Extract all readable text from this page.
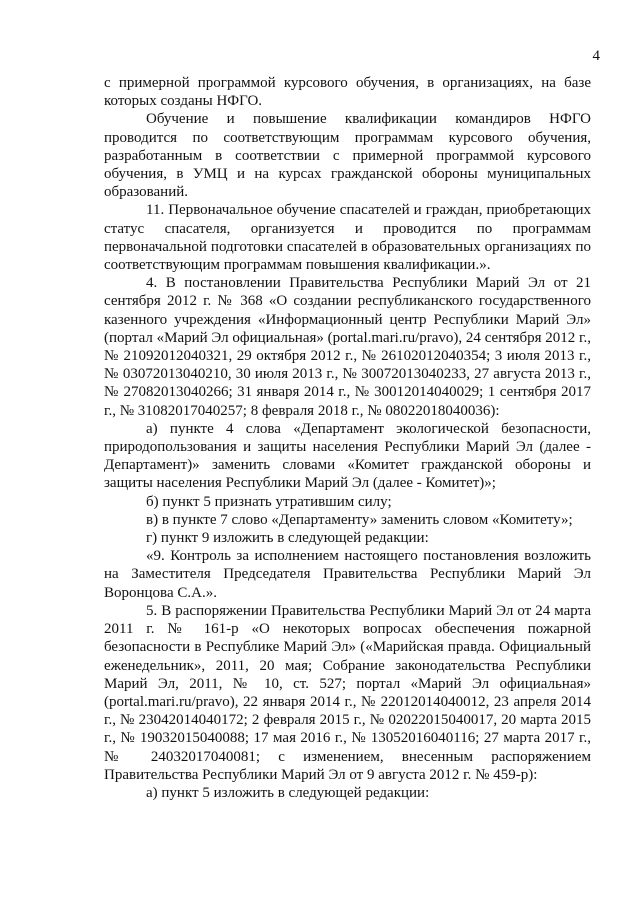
4

с примерной программой курсового обучения, в организациях, на базе которых созданы НФГО.

Обучение и повышение квалификации командиров НФГО проводится по соответствующим программам курсового обучения, разработанным в соответствии с примерной программой курсового обучения, в УМЦ и на курсах гражданской обороны муниципальных образований.

11. Первоначальное обучение спасателей и граждан, приобретающих статус спасателя, организуется и проводится по программам первоначальной подготовки спасателей в образовательных организациях по соответствующим программам повышения квалификации.».

4. В постановлении Правительства Республики Марий Эл от 21 сентября 2012 г. № 368 «О создании республиканского государственного казенного учреждения «Информационный центр Республики Марий Эл» (портал «Марий Эл официальная» (portal.mari.ru/pravo), 24 сентября 2012 г., № 21092012040321, 29 октября 2012 г., № 26102012040354; 3 июля 2013 г., № 03072013040210, 30 июля 2013 г., № 30072013040233, 27 августа 2013 г., № 27082013040266; 31 января 2014 г., № 30012014040029; 1 сентября 2017 г., № 31082017040257; 8 февраля 2018 г., № 08022018040036):

а) пункте 4 слова «Департамент экологической безопасности, природопользования и защиты населения Республики Марий Эл (далее - Департамент)» заменить словами «Комитет гражданской обороны и защиты населения Республики Марий Эл (далее - Комитет)»;

б) пункт 5 признать утратившим силу;

в) в пункте 7 слово «Департаменту» заменить словом «Комитету»;

г) пункт 9 изложить в следующей редакции:

«9. Контроль за исполнением настоящего постановления возложить на Заместителя Председателя Правительства Республики Марий Эл Воронцова С.А.».

5. В распоряжении Правительства Республики Марий Эл от 24 марта 2011 г. № 161-р «О некоторых вопросах обеспечения пожарной безопасности в Республике Марий Эл» («Марийская правда. Официальный еженедельник», 2011, 20 мая; Собрание законодательства Республики Марий Эл, 2011, № 10, ст. 527; портал «Марий Эл официальная» (portal.mari.ru/pravo), 22 января 2014 г., № 22012014040012, 23 апреля 2014 г., № 23042014040172; 2 февраля 2015 г., № 02022015040017, 20 марта 2015 г., № 19032015040088; 17 мая 2016 г., № 13052016040116; 27 марта 2017 г., № 24032017040081; с изменением, внесенным распоряжением Правительства Республики Марий Эл от 9 августа 2012 г. № 459-р):

а) пункт 5 изложить в следующей редакции:
